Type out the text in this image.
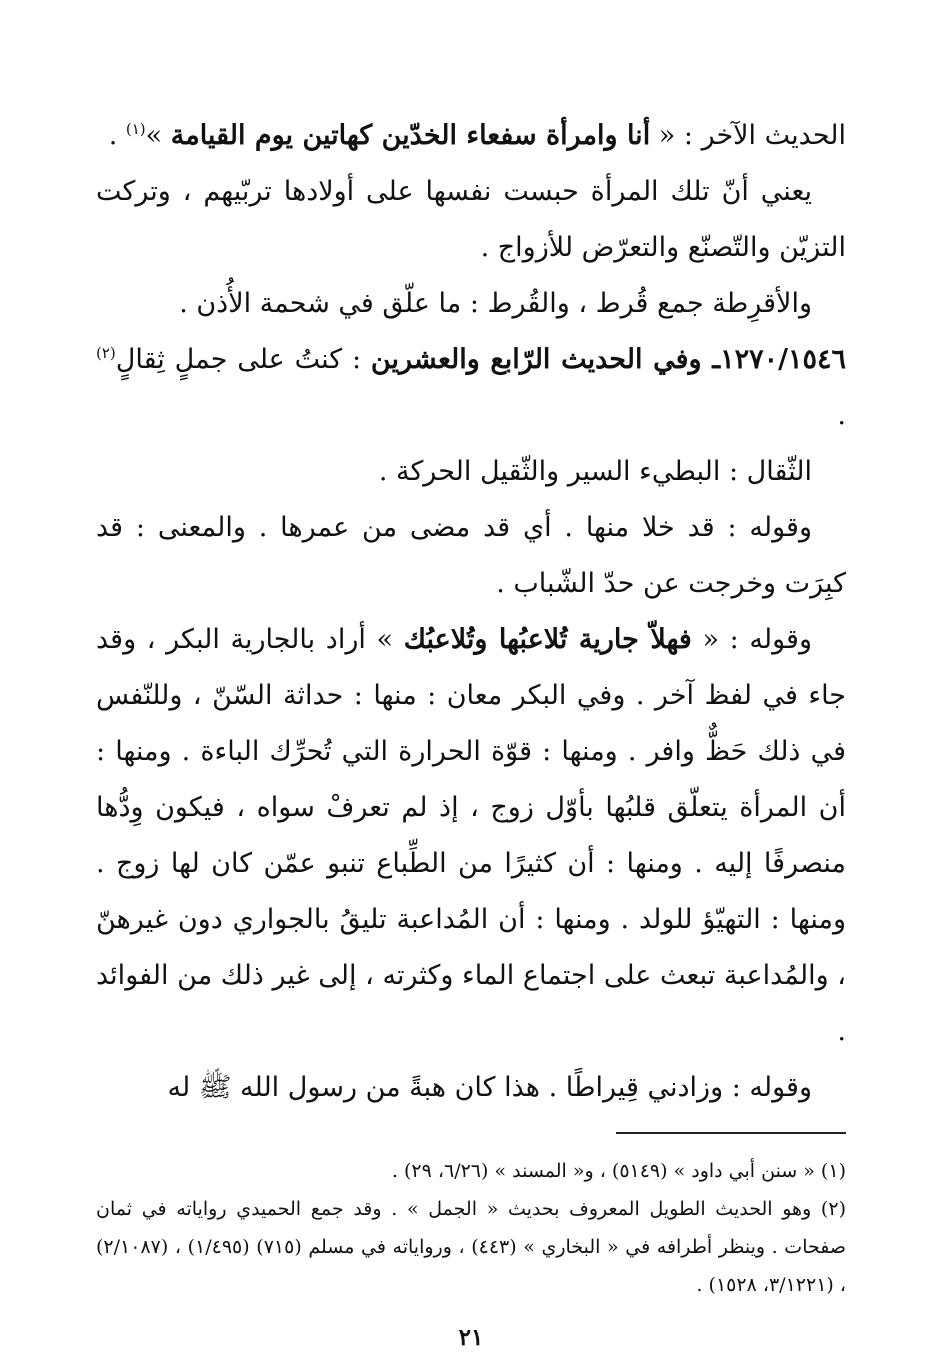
الحديث الآخر : « أنا وامرأة سفعاء الخدّين كهاتين يوم القيامة »$^{(١)}$ .

يعني أنّ تلك المرأة حبست نفسها على أولادها تربّيهم ، وتركت التزيّن والتّصنّع والتعرّض للأزواج .

والأقرِطة جمع قُرط ، والقُرط : ما علّق في شحمة الأُذن .

١٢٧٠/١٥٤٦ـ وفي الحديث الرّابع والعشرين : كنتُ على جملٍ ثِقالٍ$^{(٢)}$ .

الثّقال : البطيء السير والثّقيل الحركة .

وقوله : قد خلا منها . أي قد مضى من عمرها . والمعنى : قد كبِرَت وخرجت عن حدّ الشّباب .

وقوله : « فهلاّ جارية تُلاعبُها وتُلاعبُك » أراد بالجارية البكر ، وقد جاء في لفظ آخر . وفي البكر معان : منها : حداثة السّنّ ، وللنّفس في ذلك حَظٌّ وافر . ومنها : قوّة الحرارة التي تُحرِّك الباءة . ومنها : أن المرأة يتعلّق قلبُها بأوّل زوج ، إذ لم تعرفْ سواه ، فيكون وِدُّها منصرفًا إليه . ومنها : أن كثيرًا من الطِّباع تنبو عمّن كان لها زوج . ومنها : التهيّؤ للولد . ومنها : أن المُداعبة تليقُ بالجواري دون غيرهنّ ، والمُداعبة تبعث على اجتماع الماء وكثرته ، إلى غير ذلك من الفوائد .

وقوله : وزادني قِيراطًا . هذا كان هبةً من رسول الله ﷺ له

(١) « سنن أبي داود » (٥١٤٩) ، و« المسند » (٦/٢٦، ٢٩) .

(٢) وهو الحديث الطويل المعروف بحديث « الجمل » . وقد جمع الحميدي رواياته في ثمان صفحات . وينظر أطرافه في « البخاري » (٤٤٣) ، ورواياته في مسلم (٧١٥) (١/٤٩٥) ، (٢/١٠٨٧) ، (٣/١٢٢١، ١٥٢٨) .

٢١
